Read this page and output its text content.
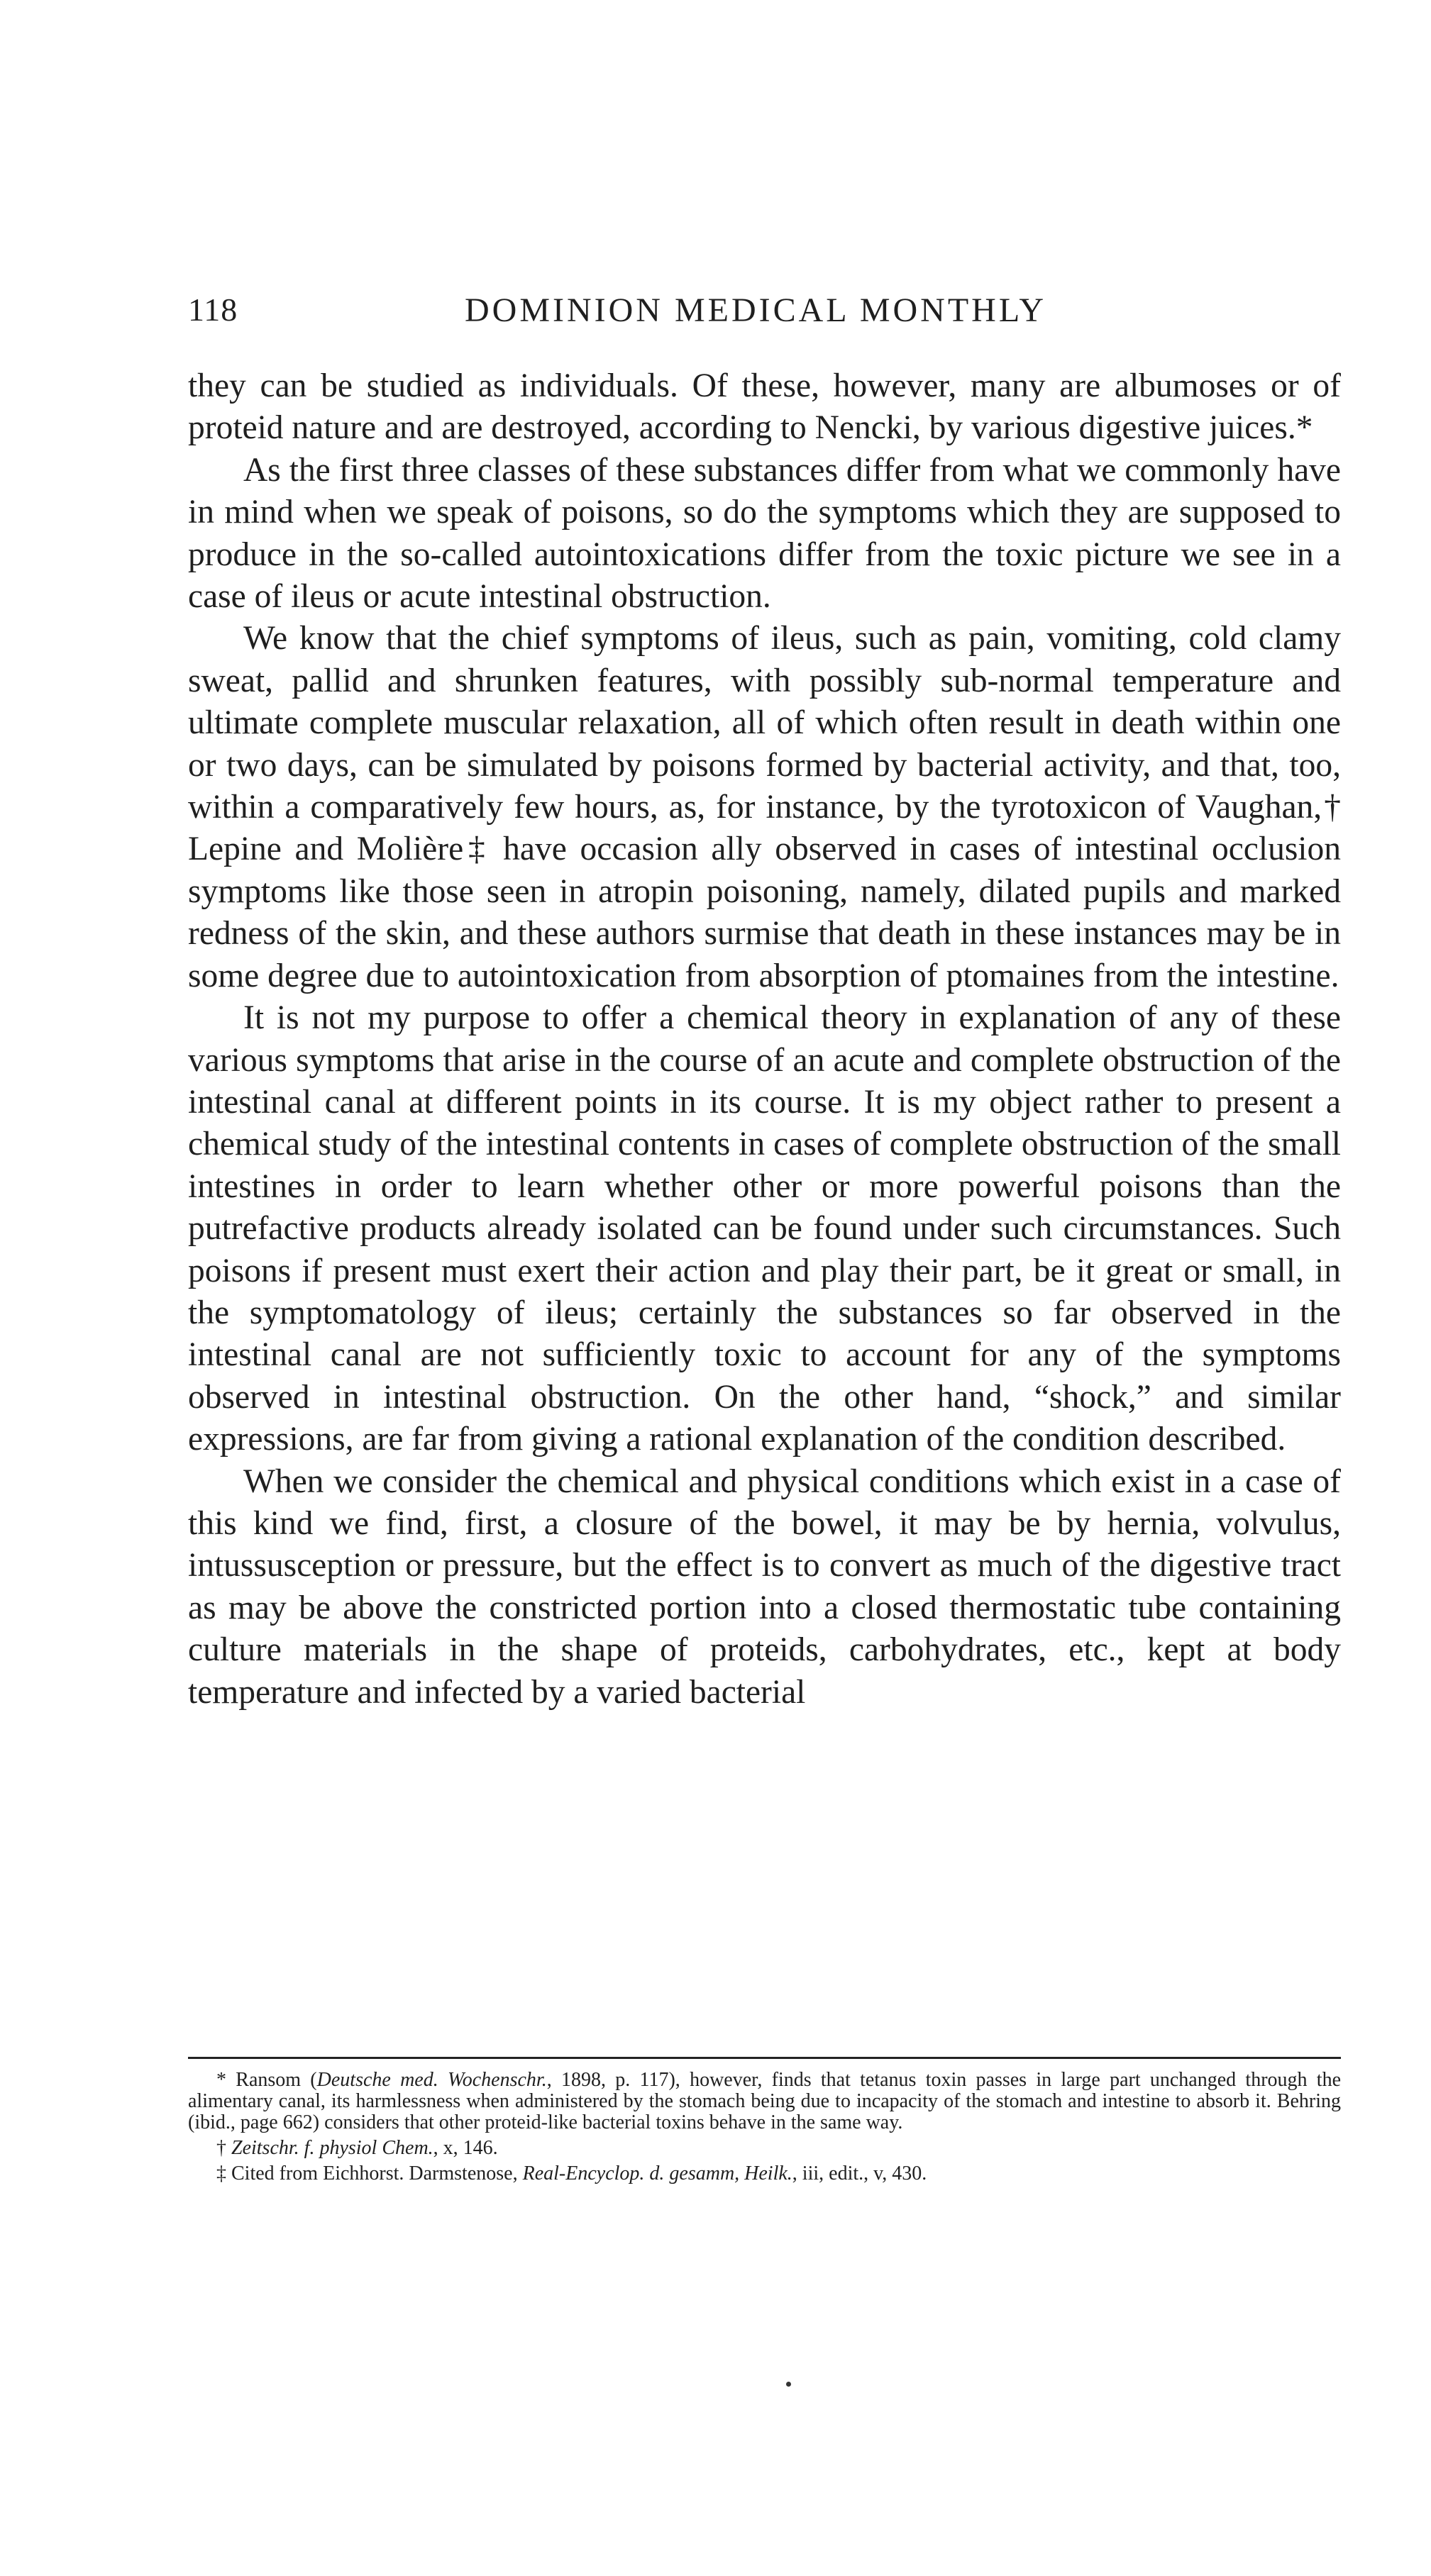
118	DOMINION MEDICAL MONTHLY

they can be studied as individuals. Of these, however, many are albumoses or of proteid nature and are destroyed, according to Nencki, by various digestive juices.*

As the first three classes of these substances differ from what we commonly have in mind when we speak of poisons, so do the symptoms which they are supposed to produce in the so-called autointoxications differ from the toxic picture we see in a case of ileus or acute intestinal obstruction.

We know that the chief symptoms of ileus, such as pain, vomiting, cold clamy sweat, pallid and shrunken features, with possibly sub-normal temperature and ultimate complete muscular relaxation, all of which often result in death within one or two days, can be simulated by poisons formed by bacterial activity, and that, too, within a comparatively few hours, as, for instance, by the tyrotoxicon of Vaughan,† Lepine and Molière‡ have occasion ally observed in cases of intestinal occlusion symptoms like those seen in atropin poisoning, namely, dilated pupils and marked redness of the skin, and these authors surmise that death in these instances may be in some degree due to autointoxication from absorption of ptomaines from the intestine.

It is not my purpose to offer a chemical theory in explanation of any of these various symptoms that arise in the course of an acute and complete obstruction of the intestinal canal at different points in its course. It is my object rather to present a chemical study of the intestinal contents in cases of complete obstruction of the small intestines in order to learn whether other or more powerful poisons than the putrefactive products already isolated can be found under such circumstances. Such poisons if present must exert their action and play their part, be it great or small, in the symptomatology of ileus; certainly the substances so far observed in the intestinal canal are not sufficiently toxic to account for any of the symptoms observed in intestinal obstruction. On the other hand, “shock,” and similar expressions, are far from giving a rational explanation of the condition described.

When we consider the chemical and physical conditions which exist in a case of this kind we find, first, a closure of the bowel, it may be by hernia, volvulus, intussusception or pressure, but the effect is to convert as much of the digestive tract as may be above the constricted portion into a closed thermostatic tube containing culture materials in the shape of proteids, carbohydrates, etc., kept at body temperature and infected by a varied bacterial

* Ransom (Deutsche med. Wochenschr., 1898, p. 117), however, finds that tetanus toxin passes in large part unchanged through the alimentary canal, its harmlessness when administered by the stomach being due to incapacity of the stomach and intestine to absorb it. Behring (ibid., page 662) considers that other proteid-like bacterial toxins behave in the same way.

† Zeitschr. f. physiol Chem., x, 146.

‡ Cited from Eichhorst. Darmstenose, Real-Encyclop. d. gesamm, Heilk., iii, edit., v, 430.
